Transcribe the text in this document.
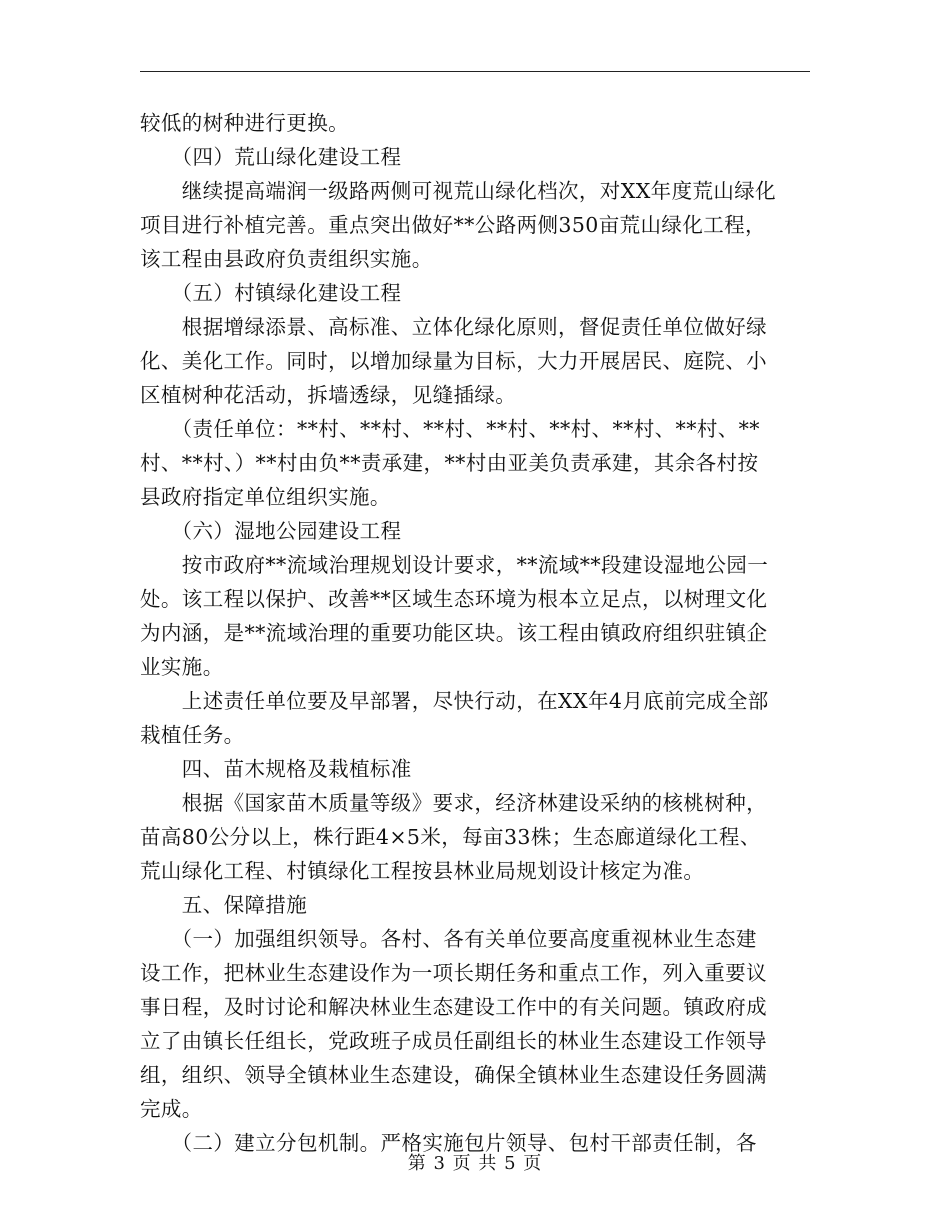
较低的树种进行更换。
　　（四）荒山绿化建设工程
　　继续提高端润一级路两侧可视荒山绿化档次，对XX年度荒山绿化
项目进行补植完善。重点突出做好**公路两侧350亩荒山绿化工程，
该工程由县政府负责组织实施。
　　（五）村镇绿化建设工程
　　根据增绿添景、高标准、立体化绿化原则，督促责任单位做好绿
化、美化工作。同时，以增加绿量为目标，大力开展居民、庭院、小
区植树种花活动，拆墙透绿，见缝插绿。
　　（责任单位：**村、**村、**村、**村、**村、**村、**村、**
村、**村、）**村由负**责承建，**村由亚美负责承建，其余各村按
县政府指定单位组织实施。
　　（六）湿地公园建设工程
　　按市政府**流域治理规划设计要求，**流域**段建设湿地公园一
处。该工程以保护、改善**区域生态环境为根本立足点，以树理文化
为内涵，是**流域治理的重要功能区块。该工程由镇政府组织驻镇企
业实施。
　　上述责任单位要及早部署，尽快行动，在XX年4月底前完成全部
栽植任务。
　　四、苗木规格及栽植标准
　　根据《国家苗木质量等级》要求，经济林建设采纳的核桃树种，
苗高80公分以上，株行距4×5米，每亩33株；生态廊道绿化工程、
荒山绿化工程、村镇绿化工程按县林业局规划设计核定为准。
　　五、保障措施
　　（一）加强组织领导。各村、各有关单位要高度重视林业生态建
设工作，把林业生态建设作为一项长期任务和重点工作，列入重要议
事日程，及时讨论和解决林业生态建设工作中的有关问题。镇政府成
立了由镇长任组长，党政班子成员任副组长的林业生态建设工作领导
组，组织、领导全镇林业生态建设，确保全镇林业生态建设任务圆满
完成。
　　（二）建立分包机制。严格实施包片领导、包村干部责任制，各
第 3 页 共 5 页
